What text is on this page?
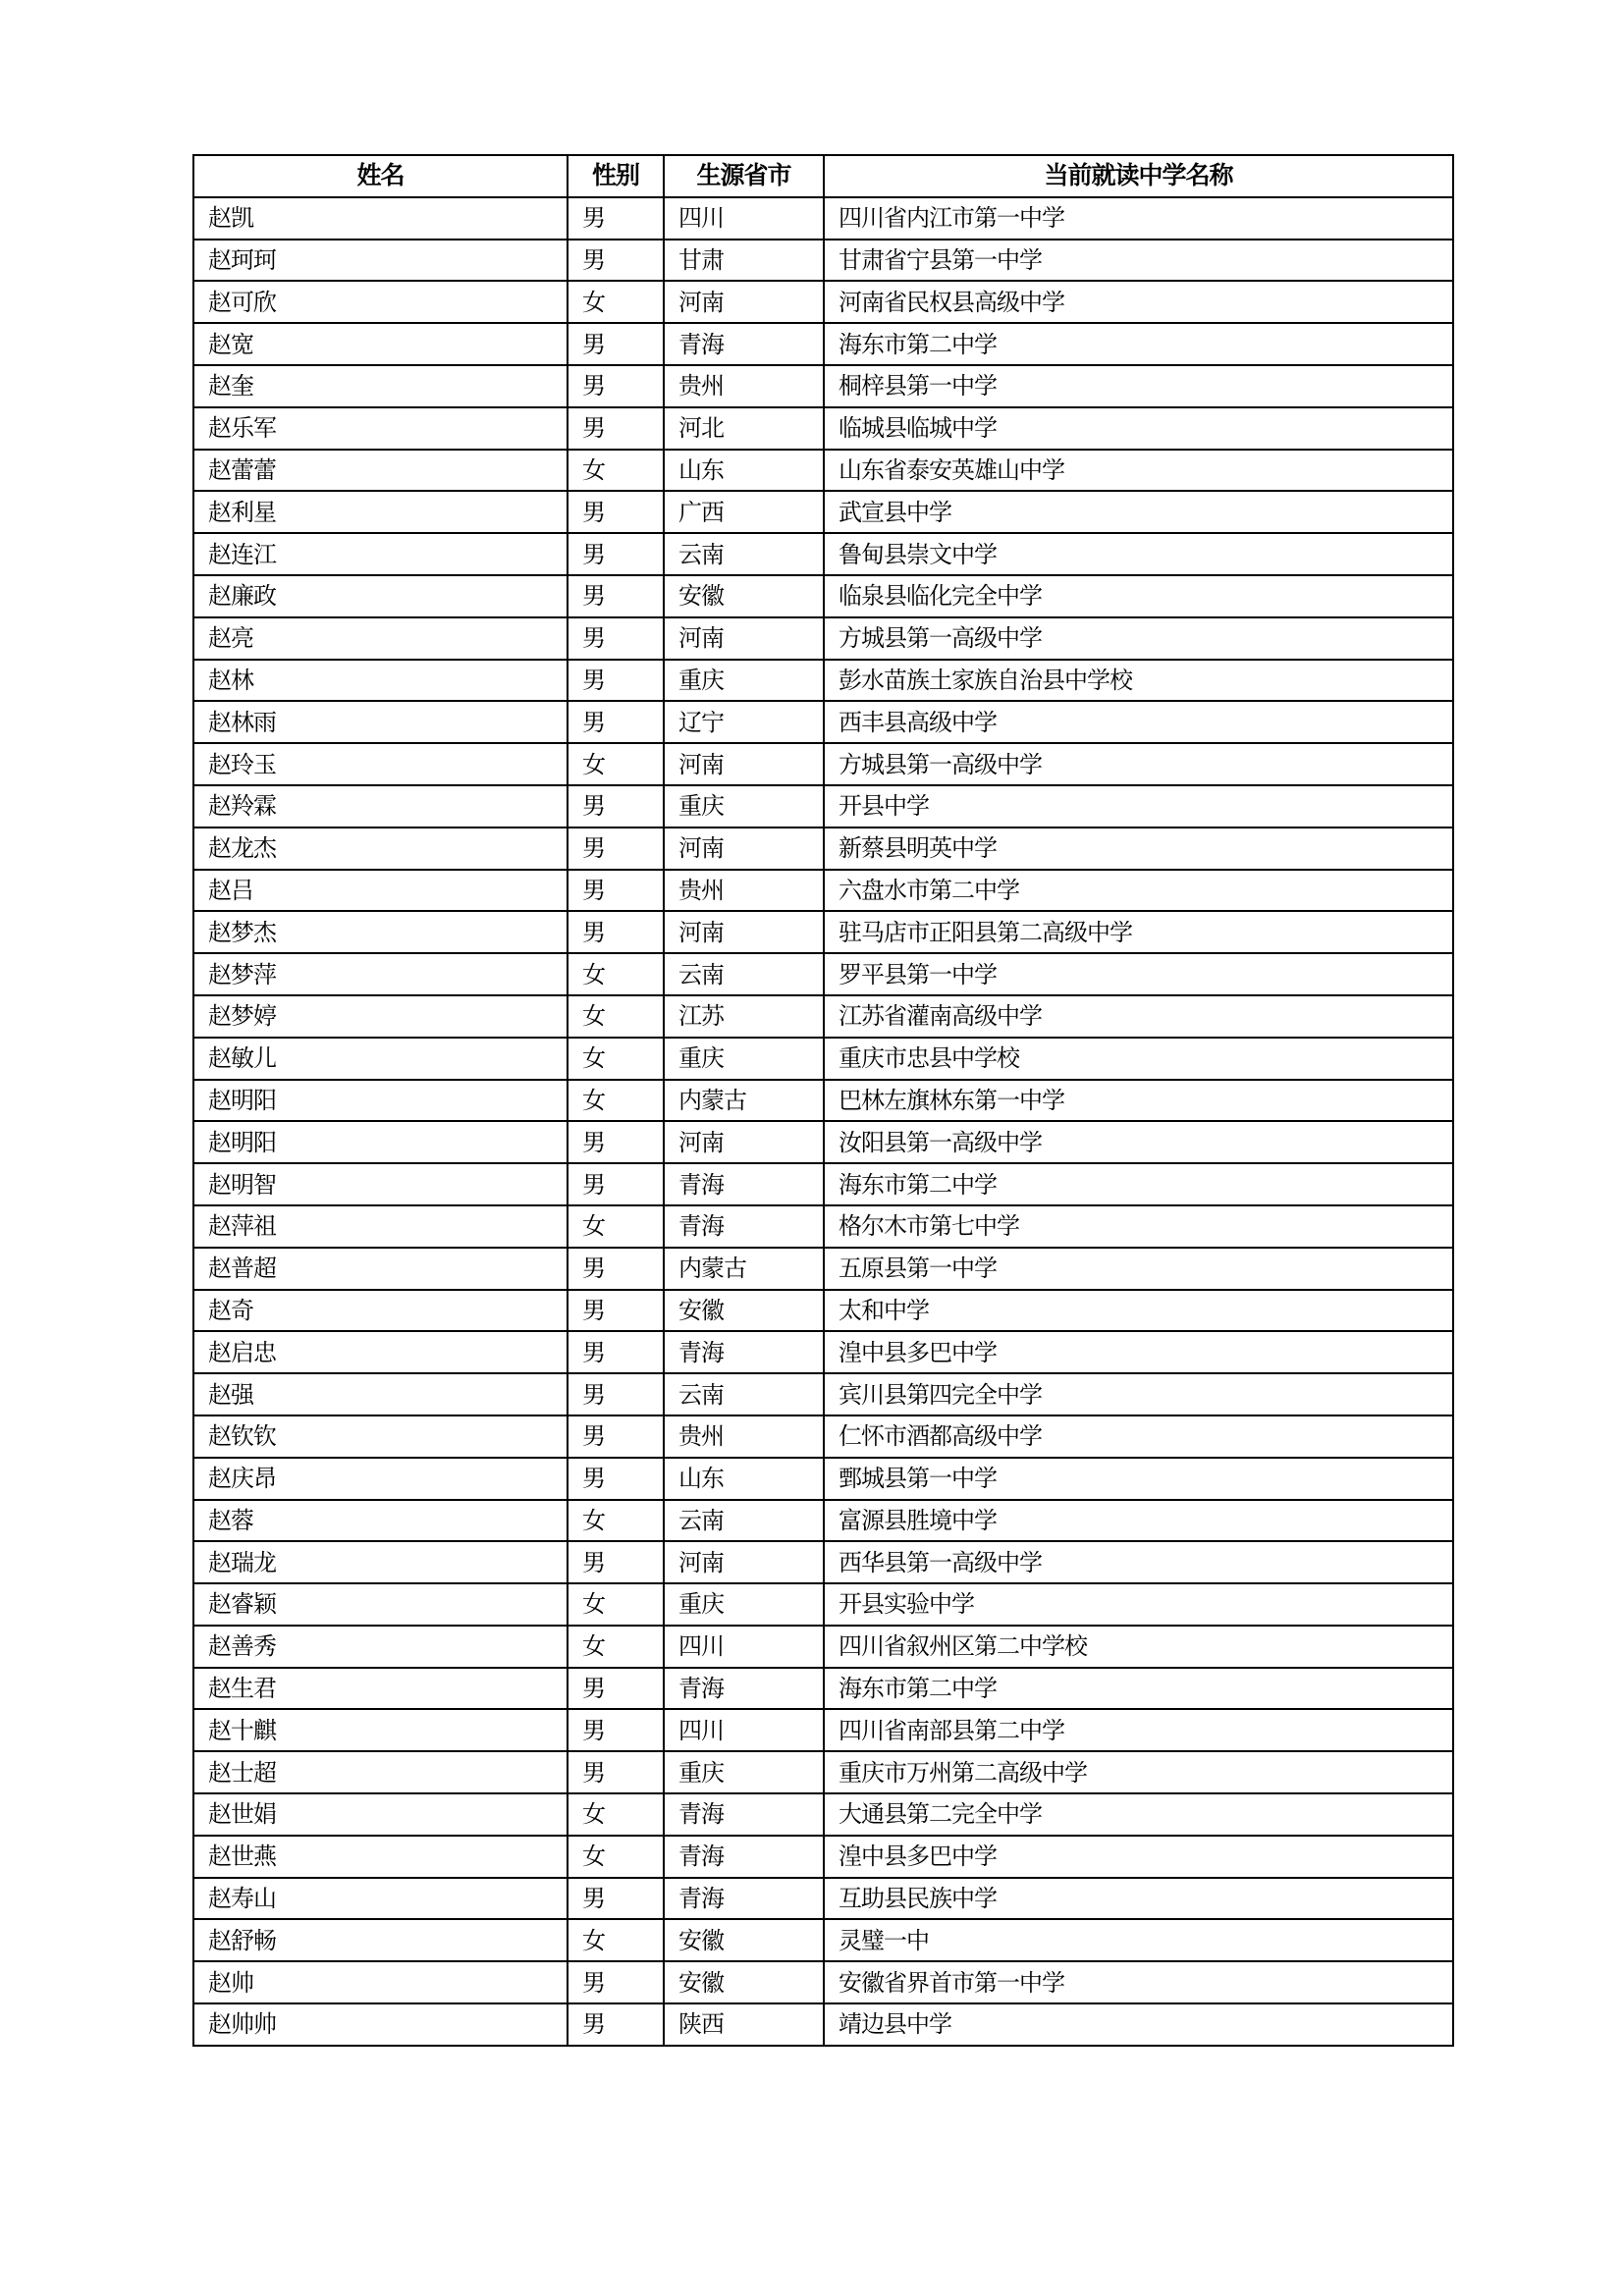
姓名	性别	生源省市	当前就读中学名称
赵凯	男	四川	四川省内江市第一中学
赵珂珂	男	甘肃	甘肃省宁县第一中学
赵可欣	女	河南	河南省民权县高级中学
赵宽	男	青海	海东市第二中学
赵奎	男	贵州	桐梓县第一中学
赵乐军	男	河北	临城县临城中学
赵蕾蕾	女	山东	山东省泰安英雄山中学
赵利星	男	广西	武宣县中学
赵连江	男	云南	鲁甸县崇文中学
赵廉政	男	安徽	临泉县临化完全中学
赵亮	男	河南	方城县第一高级中学
赵林	男	重庆	彭水苗族土家族自治县中学校
赵林雨	男	辽宁	西丰县高级中学
赵玲玉	女	河南	方城县第一高级中学
赵羚霖	男	重庆	开县中学
赵龙杰	男	河南	新蔡县明英中学
赵吕	男	贵州	六盘水市第二中学
赵梦杰	男	河南	驻马店市正阳县第二高级中学
赵梦萍	女	云南	罗平县第一中学
赵梦婷	女	江苏	江苏省灌南高级中学
赵敏儿	女	重庆	重庆市忠县中学校
赵明阳	女	内蒙古	巴林左旗林东第一中学
赵明阳	男	河南	汝阳县第一高级中学
赵明智	男	青海	海东市第二中学
赵萍祖	女	青海	格尔木市第七中学
赵普超	男	内蒙古	五原县第一中学
赵奇	男	安徽	太和中学
赵启忠	男	青海	湟中县多巴中学
赵强	男	云南	宾川县第四完全中学
赵钦钦	男	贵州	仁怀市酒都高级中学
赵庆昂	男	山东	鄄城县第一中学
赵蓉	女	云南	富源县胜境中学
赵瑞龙	男	河南	西华县第一高级中学
赵睿颖	女	重庆	开县实验中学
赵善秀	女	四川	四川省叙州区第二中学校
赵生君	男	青海	海东市第二中学
赵十麒	男	四川	四川省南部县第二中学
赵士超	男	重庆	重庆市万州第二高级中学
赵世娟	女	青海	大通县第二完全中学
赵世燕	女	青海	湟中县多巴中学
赵寿山	男	青海	互助县民族中学
赵舒畅	女	安徽	灵璧一中
赵帅	男	安徽	安徽省界首市第一中学
赵帅帅	男	陕西	靖边县中学
